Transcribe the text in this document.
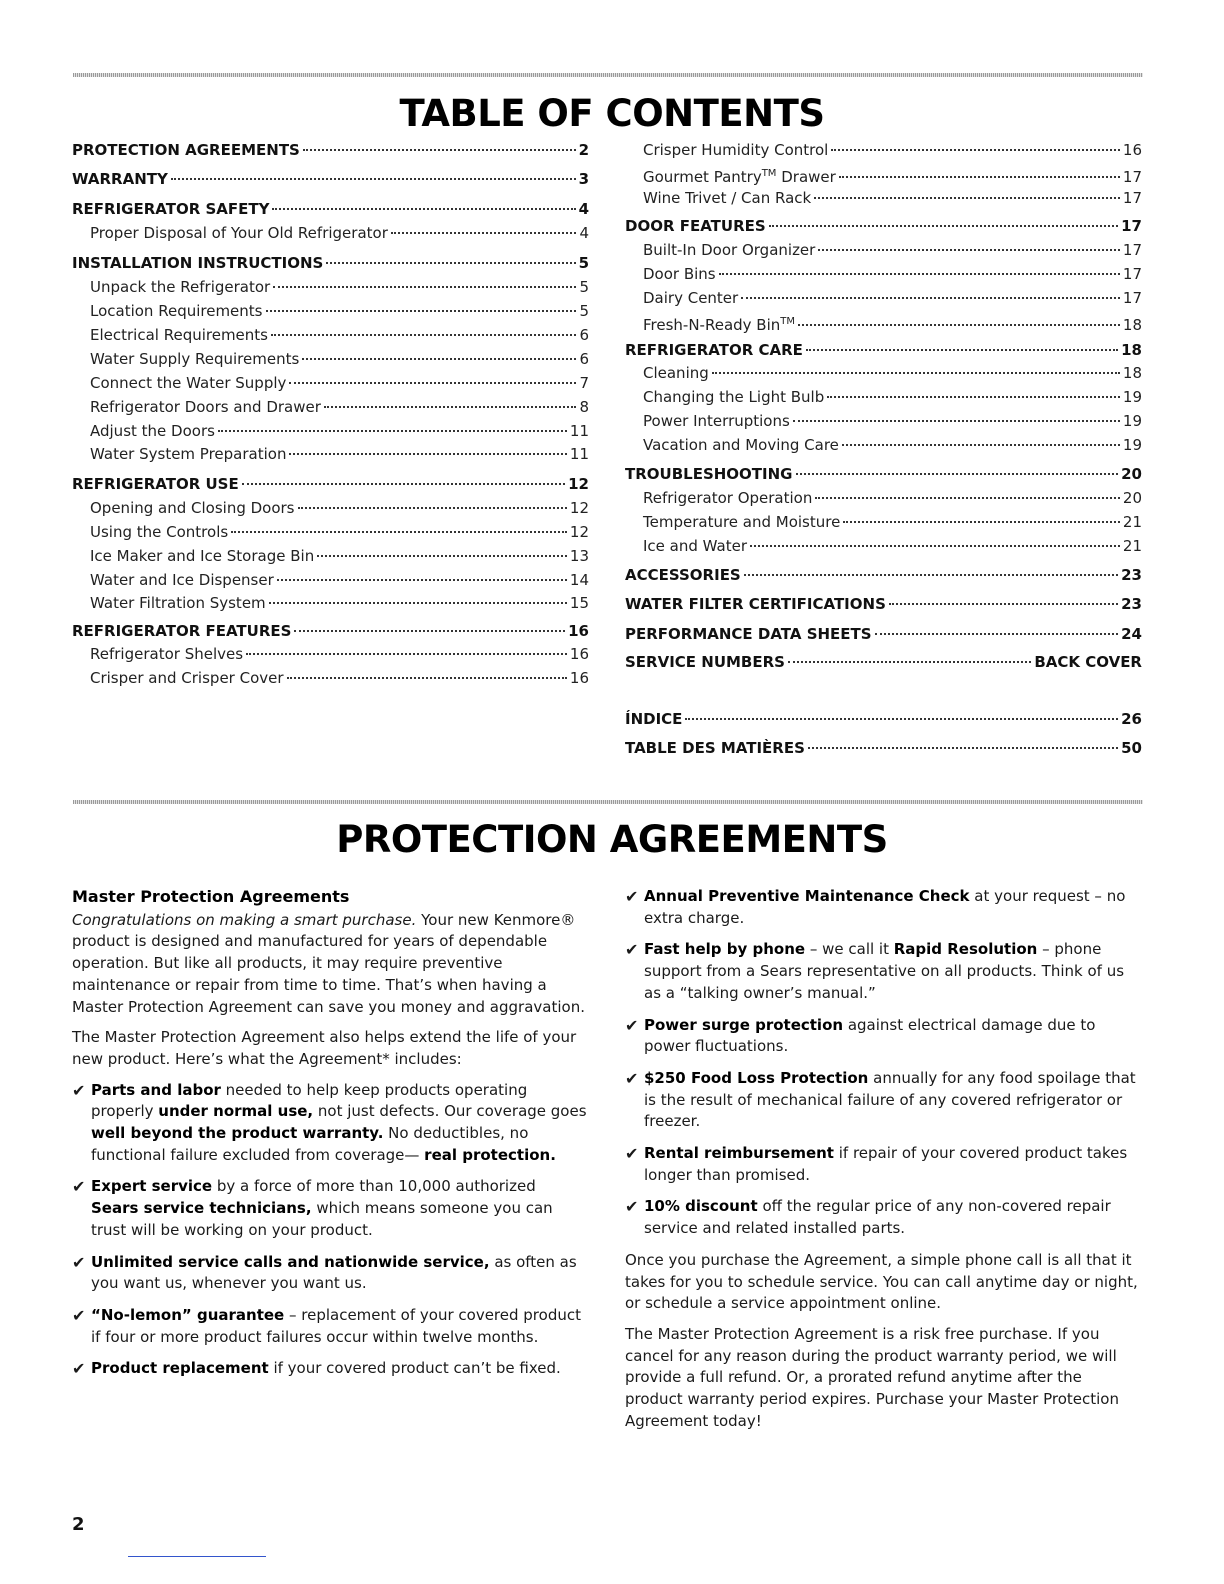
TABLE OF CONTENTS
PROTECTION AGREEMENTS	2
WARRANTY	3
REFRIGERATOR SAFETY	4
Proper Disposal of Your Old Refrigerator	4
INSTALLATION INSTRUCTIONS	5
Unpack the Refrigerator	5
Location Requirements	5
Electrical Requirements	6
Water Supply Requirements	6
Connect the Water Supply	7
Refrigerator Doors and Drawer	8
Adjust the Doors	11
Water System Preparation	11
REFRIGERATOR USE	12
Opening and Closing Doors	12
Using the Controls	12
Ice Maker and Ice Storage Bin	13
Water and Ice Dispenser	14
Water Filtration System	15
REFRIGERATOR FEATURES	16
Refrigerator Shelves	16
Crisper and Crisper Cover	16
Crisper Humidity Control	16
Gourmet Pantry™ Drawer	17
Wine Trivet / Can Rack	17
DOOR FEATURES	17
Built-In Door Organizer	17
Door Bins	17
Dairy Center	17
Fresh-N-Ready Bin™	18
REFRIGERATOR CARE	18
Cleaning	18
Changing the Light Bulb	19
Power Interruptions	19
Vacation and Moving Care	19
TROUBLESHOOTING	20
Refrigerator Operation	20
Temperature and Moisture	21
Ice and Water	21
ACCESSORIES	23
WATER FILTER CERTIFICATIONS	23
PERFORMANCE DATA SHEETS	24
SERVICE NUMBERS	BACK COVER
ÍNDICE	26
TABLE DES MATIÈRES	50
PROTECTION AGREEMENTS
Master Protection Agreements

Congratulations on making a smart purchase. Your new Kenmore® product is designed and manufactured for years of dependable operation. But like all products, it may require preventive maintenance or repair from time to time. That’s when having a Master Protection Agreement can save you money and aggravation.

The Master Protection Agreement also helps extend the life of your new product. Here’s what the Agreement* includes:

✔ Parts and labor needed to help keep products operating properly under normal use, not just defects. Our coverage goes well beyond the product warranty. No deductibles, no functional failure excluded from coverage— real protection.
✔ Expert service by a force of more than 10,000 authorized Sears service technicians, which means someone you can trust will be working on your product.
✔ Unlimited service calls and nationwide service, as often as you want us, whenever you want us.
✔ “No-lemon” guarantee – replacement of your covered product if four or more product failures occur within twelve months.
✔ Product replacement if your covered product can’t be fixed.
✔ Annual Preventive Maintenance Check at your request – no extra charge.
✔ Fast help by phone – we call it Rapid Resolution – phone support from a Sears representative on all products. Think of us as a “talking owner’s manual.”
✔ Power surge protection against electrical damage due to power fluctuations.
✔ $250 Food Loss Protection annually for any food spoilage that is the result of mechanical failure of any covered refrigerator or freezer.
✔ Rental reimbursement if repair of your covered product takes longer than promised.
✔ 10% discount off the regular price of any non-covered repair service and related installed parts.

Once you purchase the Agreement, a simple phone call is all that it takes for you to schedule service. You can call anytime day or night, or schedule a service appointment online.

The Master Protection Agreement is a risk free purchase. If you cancel for any reason during the product warranty period, we will provide a full refund. Or, a prorated refund anytime after the product warranty period expires. Purchase your Master Protection Agreement today!

2
